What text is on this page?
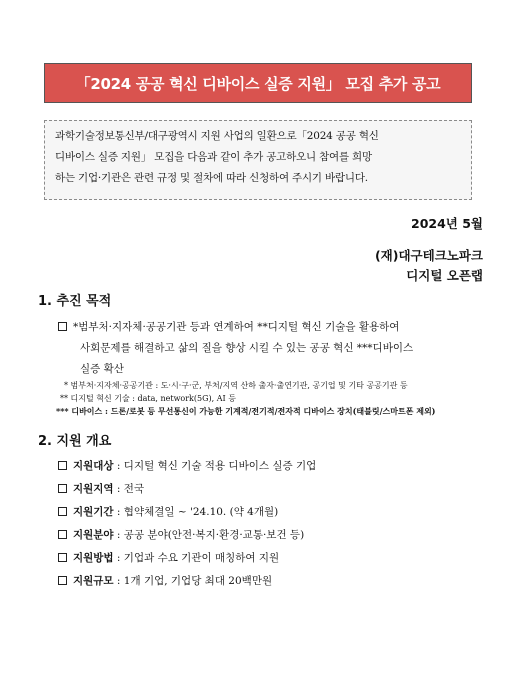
「2024 공공 혁신 디바이스 실증 지원」 모집 추가 공고
과학기술정보통신부/대구광역시 지원 사업의 일환으로「2024 공공 혁신
디바이스 실증 지원」 모집을 다음과 같이 추가 공고하오니 참여를 희망
하는 기업·기관은 관련 규정 및 절차에 따라 신청하여 주시기 바랍니다.
2024년 5월
(재)대구테크노파크
디지털 오픈랩
1. 추진 목적
*범부처·지자체·공공기관 등과 연계하여 **디지털 혁신 기술을 활용하여
사회문제를 해결하고 삶의 질을 향상 시킬 수 있는 공공 혁신 ***디바이스
실증 확산
* 범부처·지자체·공공기관 : 도·시·구·군, 부처/지역 산하 출자·출연기관, 공기업 및 기타 공공기관 등
** 디지털 혁신 기술 : data, network(5G), AI 등
*** 디바이스 : 드론/로봇 등 무선통신이 가능한 기계적/전기적/전자적 디바이스 장치(태블릿/스마트폰 제외)
2. 지원 개요
지원대상 : 디지털 혁신 기술 적용 디바이스 실증 기업
지원지역 : 전국
지원기간 : 협약체결일 ~ '24.10. (약 4개월)
지원분야 : 공공 분야(안전·복지·환경·교통·보건 등)
지원방법 : 기업과 수요 기관이 매칭하여 지원
지원규모 : 1개 기업, 기업당 최대 20백만원
